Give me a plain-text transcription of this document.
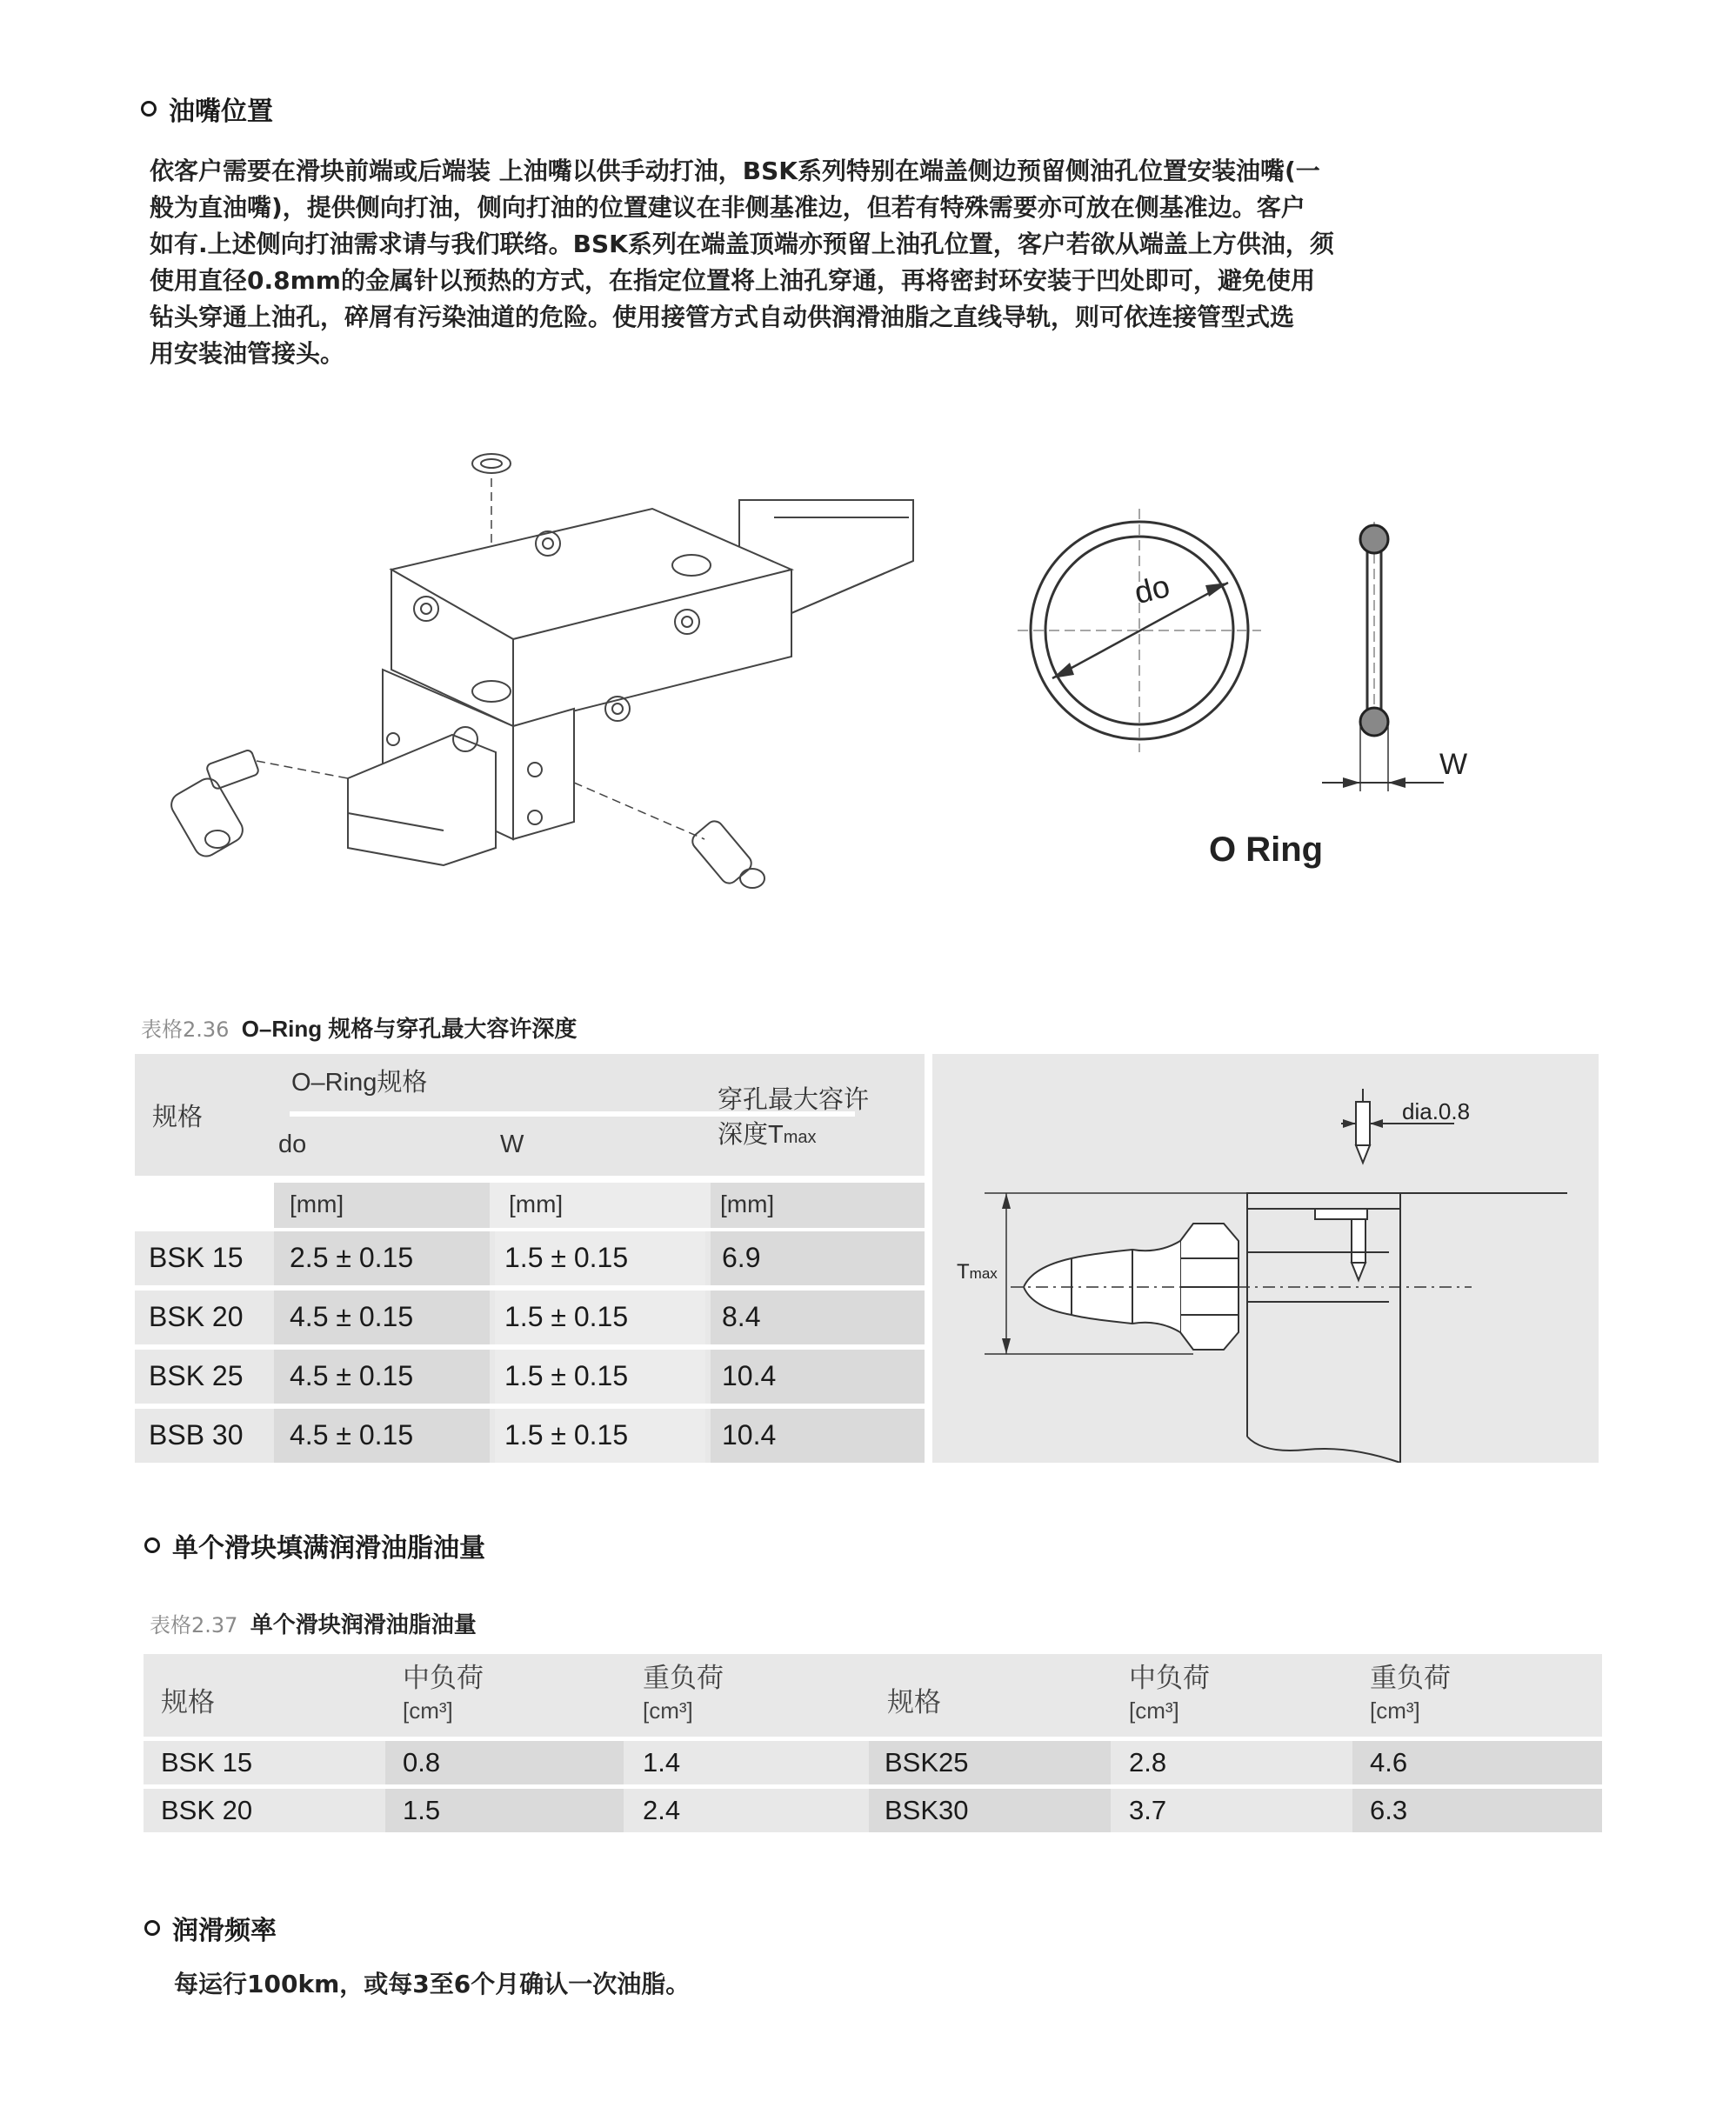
油嘴位置
依客户需要在滑块前端或后端装 上油嘴以供手动打油，BSK系列特别在端盖侧边预留侧油孔位置安装油嘴(一
般为直油嘴)，提供侧向打油，侧向打油的位置建议在非侧基准边，但若有特殊需要亦可放在侧基准边。客户
如有.上述侧向打油需求请与我们联络。BSK系列在端盖顶端亦预留上油孔位置，客户若欲从端盖上方供油，须
使用直径0.8mm的金属针以预热的方式，在指定位置将上油孔穿通，再将密封环安装于凹处即可，避免使用
钻头穿通上油孔，碎屑有污染油道的危险。使用接管方式自动供润滑油脂之直线导轨，则可依连接管型式选
用安装油管接头。
do
W
O Ring
表格2.36 O–Ring 规格与穿孔最大容许深度
规格
O–Ring规格
do	W
穿孔最大容许
深度Tmax
[mm]	[mm]	[mm]
BSK 15 2.5 ± 0.15	1.5 ± 0.15	6.9
BSK 20 4.5 ± 0.15	1.5 ± 0.15	8.4
BSK 25 4.5 ± 0.15	1.5 ± 0.15	10.4
BSB 30 4.5 ± 0.15	1.5 ± 0.15	10.4
dia.0.8
Tmax
单个滑块填满润滑油脂油量
表格2.37 单个滑块润滑油脂油量
规格
中负荷
[cm³]
重负荷
[cm³]	规格
中负荷
[cm³]
重负荷
[cm³]
BSK 15	0.8	1.4	BSK25	2.8	4.6
BSK 20	1.5	2.4	BSK30	3.7	6.3
润滑频率
每运行100km，或每3至6个月确认一次油脂。
